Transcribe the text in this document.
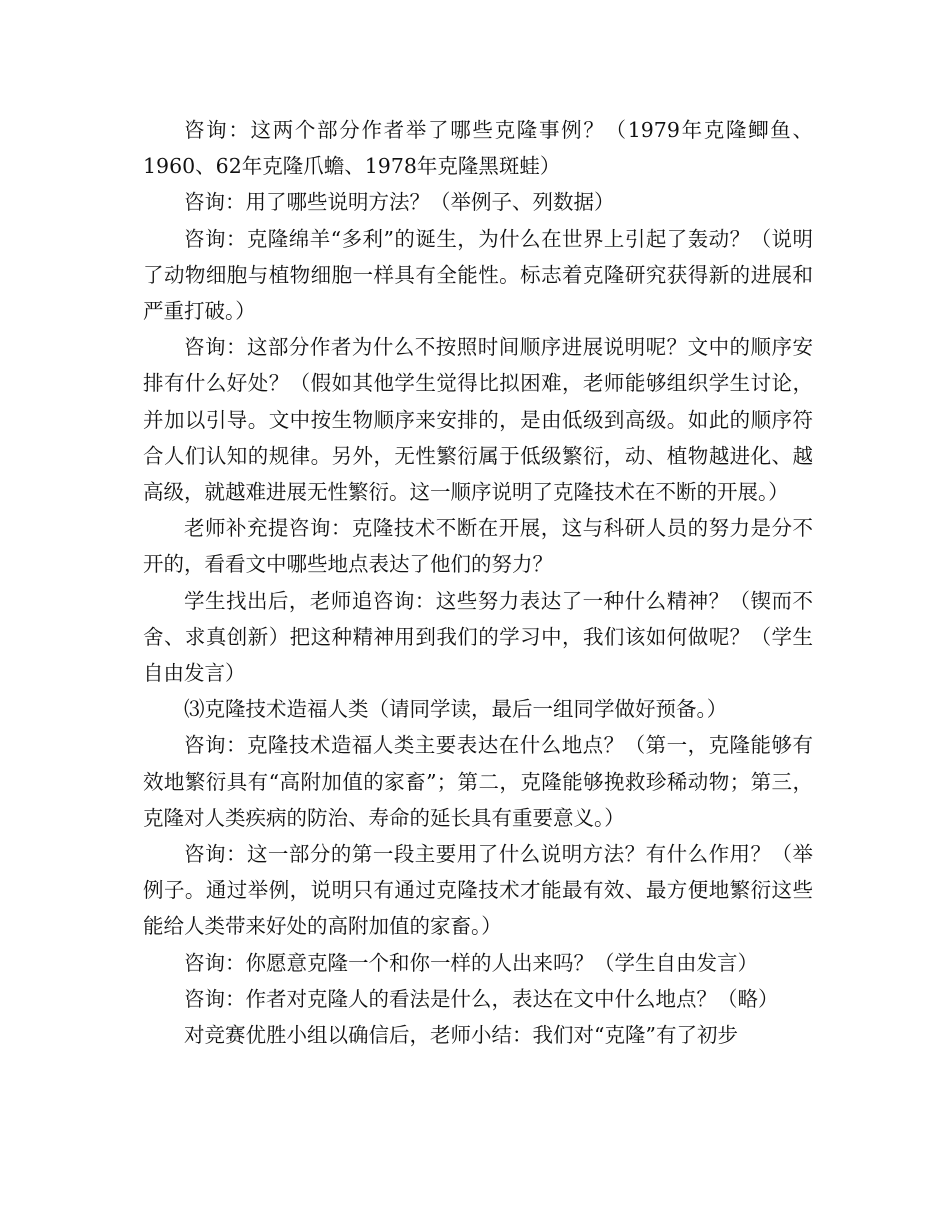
咨询：这两个部分作者举了哪些克隆事例？（1979年克隆鲫鱼、1960、62年克隆爪蟾、1978年克隆黑斑蛙）

咨询：用了哪些说明方法？（举例子、列数据）

咨询：克隆绵羊“多利”的诞生，为什么在世界上引起了轰动？（说明了动物细胞与植物细胞一样具有全能性。标志着克隆研究获得新的进展和严重打破。）

咨询：这部分作者为什么不按照时间顺序进展说明呢？文中的顺序安排有什么好处？（假如其他学生觉得比拟困难，老师能够组织学生讨论，并加以引导。文中按生物顺序来安排的，是由低级到高级。如此的顺序符合人们认知的规律。另外，无性繁衍属于低级繁衍，动、植物越进化、越高级，就越难进展无性繁衍。这一顺序说明了克隆技术在不断的开展。）

老师补充提咨询：克隆技术不断在开展，这与科研人员的努力是分不开的，看看文中哪些地点表达了他们的努力？

学生找出后，老师追咨询：这些努力表达了一种什么精神？（锲而不舍、求真创新）把这种精神用到我们的学习中，我们该如何做呢？（学生自由发言）

⑶克隆技术造福人类（请同学读，最后一组同学做好预备。）

咨询：克隆技术造福人类主要表达在什么地点？（第一，克隆能够有效地繁衍具有“高附加值的家畜”；第二，克隆能够挽救珍稀动物；第三，克隆对人类疾病的防治、寿命的延长具有重要意义。）

咨询：这一部分的第一段主要用了什么说明方法？有什么作用？（举例子。通过举例，说明只有通过克隆技术才能最有效、最方便地繁衍这些能给人类带来好处的高附加值的家畜。）

咨询：你愿意克隆一个和你一样的人出来吗？（学生自由发言）

咨询：作者对克隆人的看法是什么，表达在文中什么地点？（略）

对竞赛优胜小组以确信后，老师小结：我们对“克隆”有了初步
